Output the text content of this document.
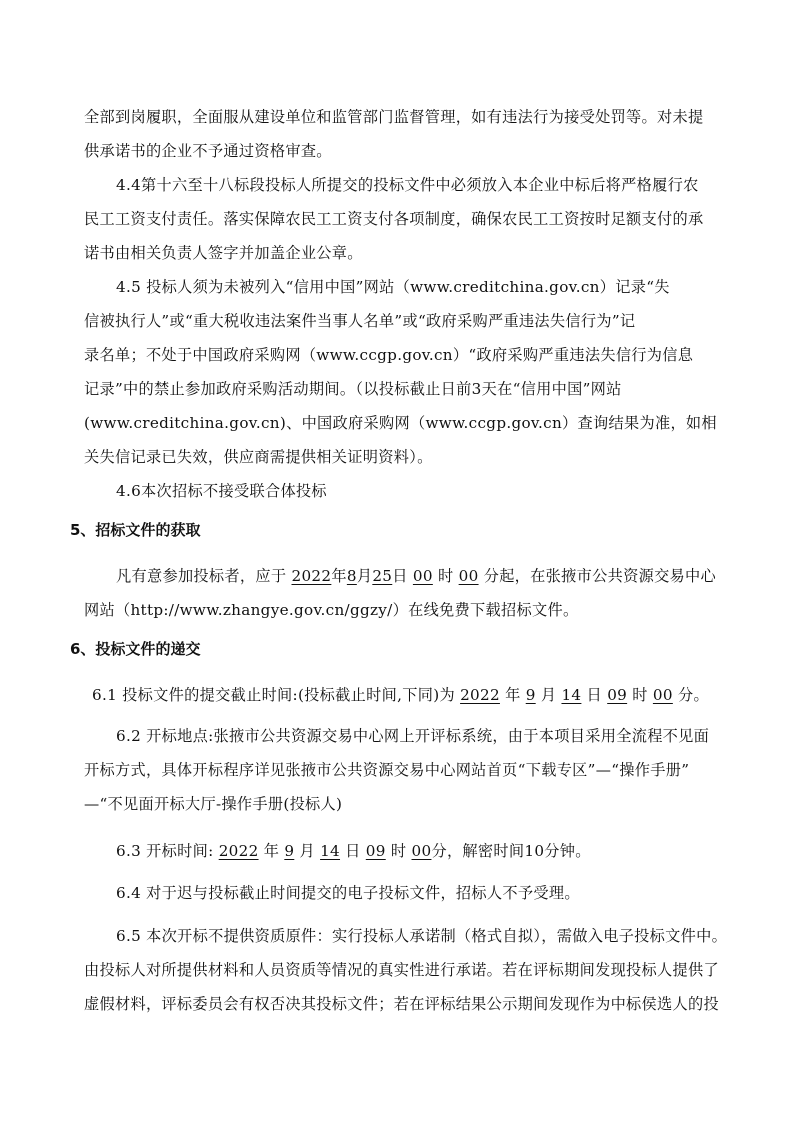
全部到岗履职，全面服从建设单位和监管部门监督管理，如有违法行为接受处罚等。对未提
供承诺书的企业不予通过资格审查。
4.4第十六至十八标段投标人所提交的投标文件中必须放入本企业中标后将严格履行农
民工工资支付责任。落实保障农民工工资支付各项制度，确保农民工工资按时足额支付的承
诺书由相关负责人签字并加盖企业公章。
4.5 投标人须为未被列入“信用中国”网站（www.creditchina.gov.cn）记录“失
信被执行人”或“重大税收违法案件当事人名单”或“政府采购严重违法失信行为”记
录名单；不处于中国政府采购网（www.ccgp.gov.cn）“政府采购严重违法失信行为信息
记录”中的禁止参加政府采购活动期间。（以投标截止日前3天在“信用中国”网站
(www.creditchina.gov.cn)、中国政府采购网（www.ccgp.gov.cn）查询结果为准，如相
关失信记录已失效，供应商需提供相关证明资料）。
4.6本次招标不接受联合体投标
5、招标文件的获取
凡有意参加投标者，应于 2022年8月25日 00 时 00 分起，在张掖市公共资源交易中心
网站（http://www.zhangye.gov.cn/ggzy/）在线免费下载招标文件。
6、投标文件的递交
6.1 投标文件的提交截止时间:(投标截止时间,下同)为 2022 年 9 月 14 日 09 时 00 分。
6.2 开标地点:张掖市公共资源交易中心网上开评标系统，由于本项目采用全流程不见面
开标方式，具体开标程序详见张掖市公共资源交易中心网站首页“下载专区”—“操作手册”
—“不见面开标大厅-操作手册(投标人)
6.3 开标时间: 2022 年 9 月 14 日 09 时 00分，解密时间10分钟。
6.4 对于迟与投标截止时间提交的电子投标文件，招标人不予受理。
6.5 本次开标不提供资质原件：实行投标人承诺制（格式自拟），需做入电子投标文件中。
由投标人对所提供材料和人员资质等情况的真实性进行承诺。若在评标期间发现投标人提供了
虚假材料，评标委员会有权否决其投标文件；若在评标结果公示期间发现作为中标侯选人的投
